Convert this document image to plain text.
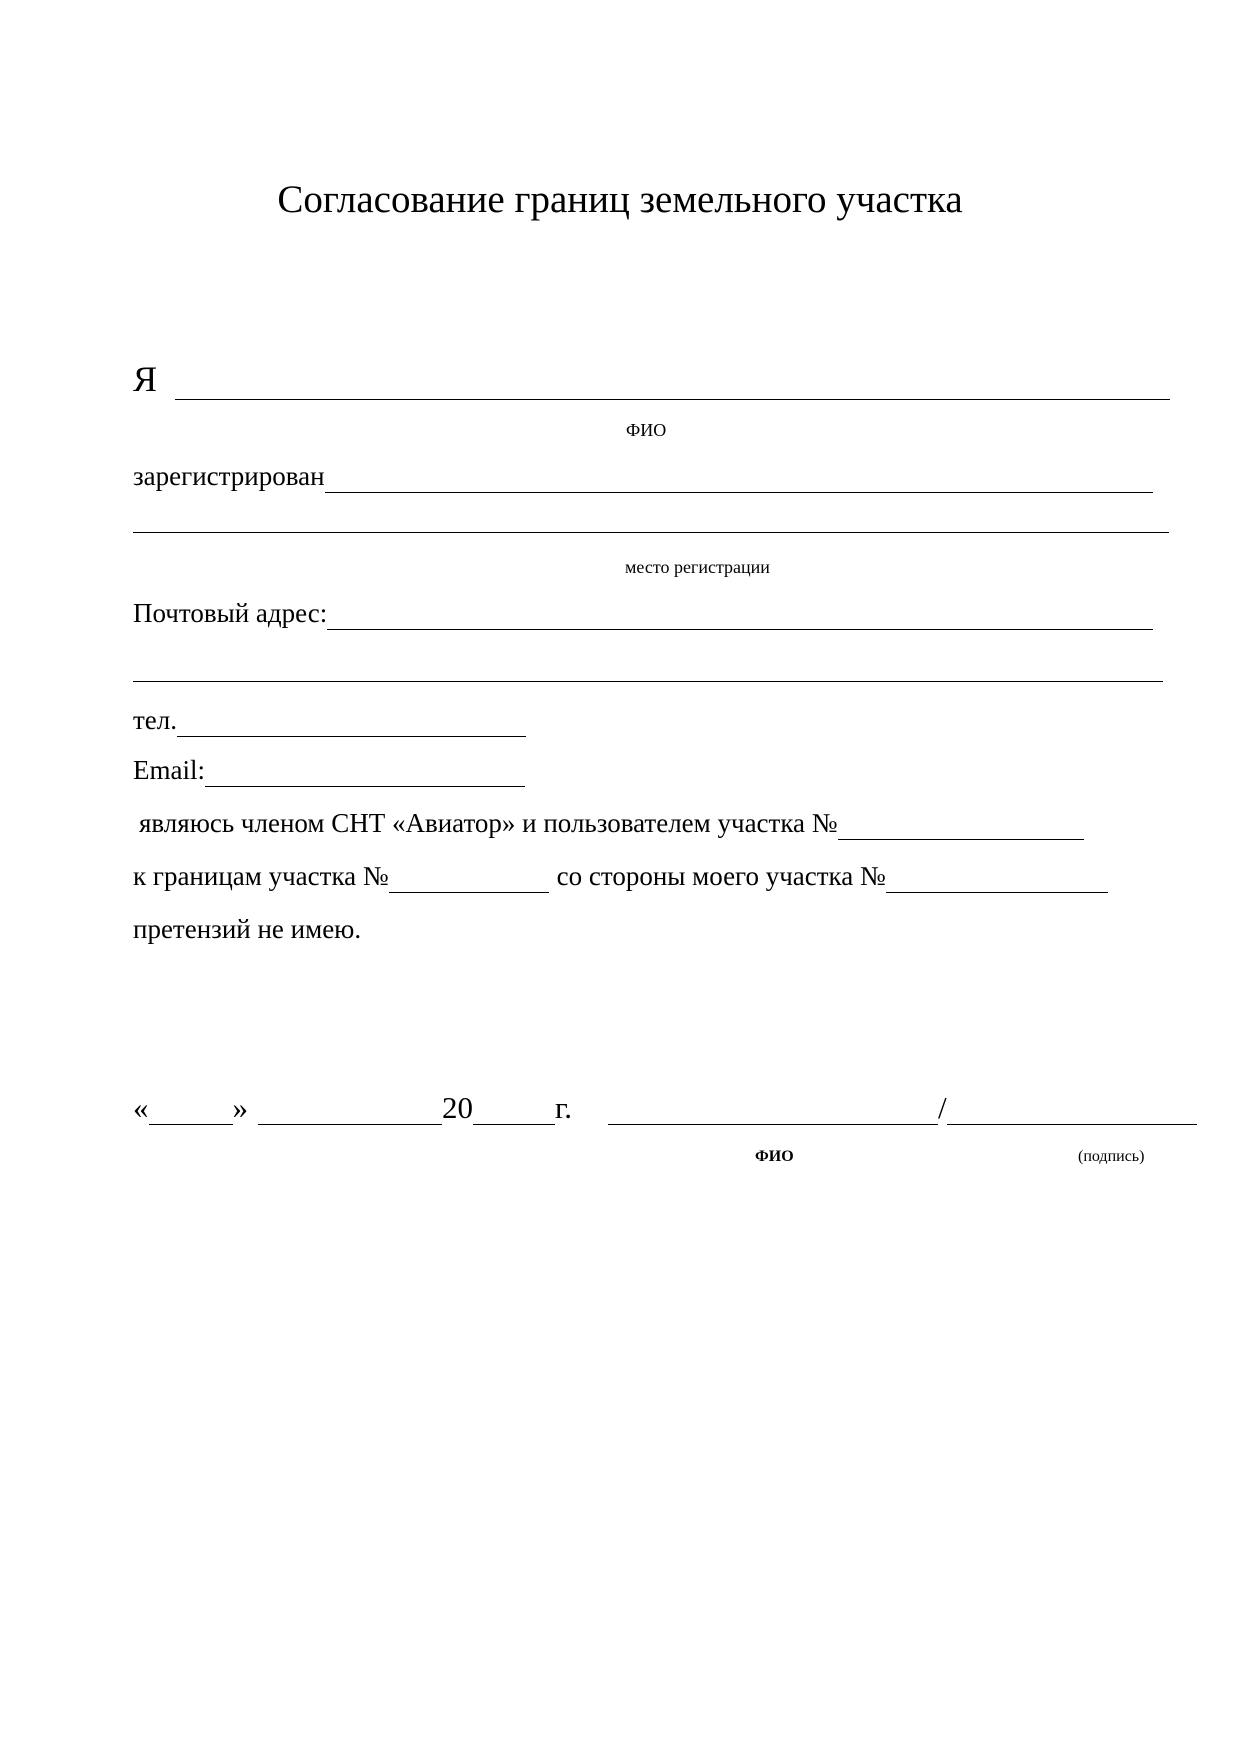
Согласование границ земельного участка
Я
ФИО
зарегистрирован
место регистрации
Почтовый адрес:
тел.
Email:
являюсь членом СНТ «Авиатор» и пользователем участка №
к границам участка №	со стороны моего участка №
претензий не имею.
«	»	20	г.	/
ФИО	(подпись)
